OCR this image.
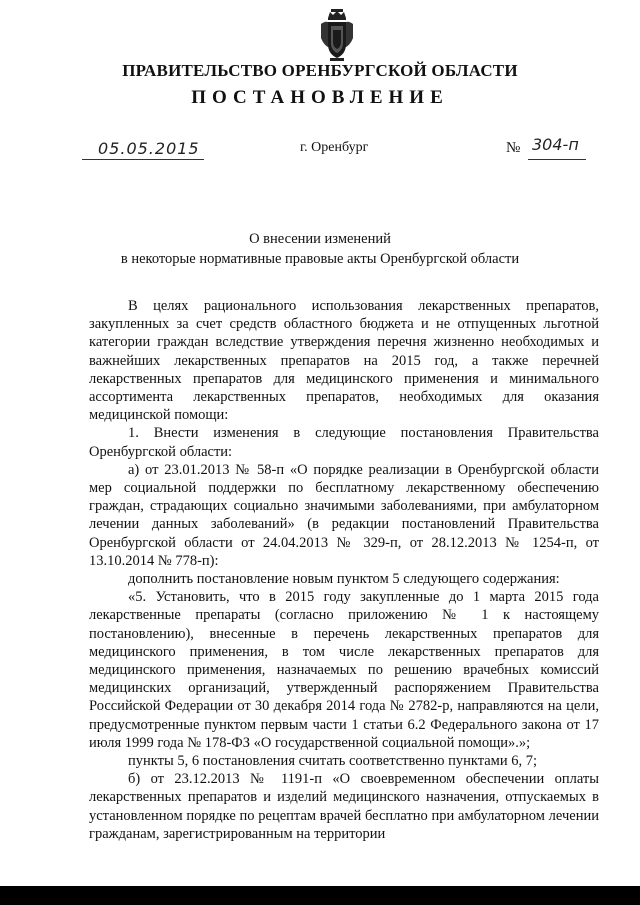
ПРАВИТЕЛЬСТВО ОРЕНБУРГСКОЙ ОБЛАСТИ
ПОСТАНОВЛЕНИЕ
05.05.2015	г. Оренбург	№ 304-п
О внесении изменений
в некоторые нормативные правовые акты Оренбургской области

В целях рационального использования лекарственных препаратов, закупленных за счет средств областного бюджета и не отпущенных льготной категории граждан вследствие утверждения перечня жизненно необходимых и важнейших лекарственных препаратов на 2015 год, а также перечней лекарственных препаратов для медицинского применения и минимального ассортимента лекарственных препаратов, необходимых для оказания медицинской помощи:

1. Внести изменения в следующие постановления Правительства Оренбургской области:

а) от 23.01.2013 № 58-п «О порядке реализации в Оренбургской области мер социальной поддержки по бесплатному лекарственному обеспечению граждан, страдающих социально значимыми заболеваниями, при амбулаторном лечении данных заболеваний» (в редакции постановлений Правительства Оренбургской области от 24.04.2013 № 329-п, от 28.12.2013 № 1254-п, от 13.10.2014 № 778-п):

дополнить постановление новым пунктом 5 следующего содержания:

«5. Установить, что в 2015 году закупленные до 1 марта 2015 года лекарственные препараты (согласно приложению № 1 к настоящему постановлению), внесенные в перечень лекарственных препаратов для медицинского применения, в том числе лекарственных препаратов для медицинского применения, назначаемых по решению врачебных комиссий медицинских организаций, утвержденный распоряжением Правительства Российской Федерации от 30 декабря 2014 года № 2782-р, направляются на цели, предусмотренные пунктом первым части 1 статьи 6.2 Федерального закона от 17 июля 1999 года № 178-ФЗ «О государственной социальной помощи».»;

пункты 5, 6 постановления считать соответственно пунктами 6, 7;

б) от 23.12.2013 № 1191-п «О своевременном обеспечении оплаты лекарственных препаратов и изделий медицинского назначения, отпускаемых в установленном порядке по рецептам врачей бесплатно при амбулаторном лечении гражданам, зарегистрированным на территории
